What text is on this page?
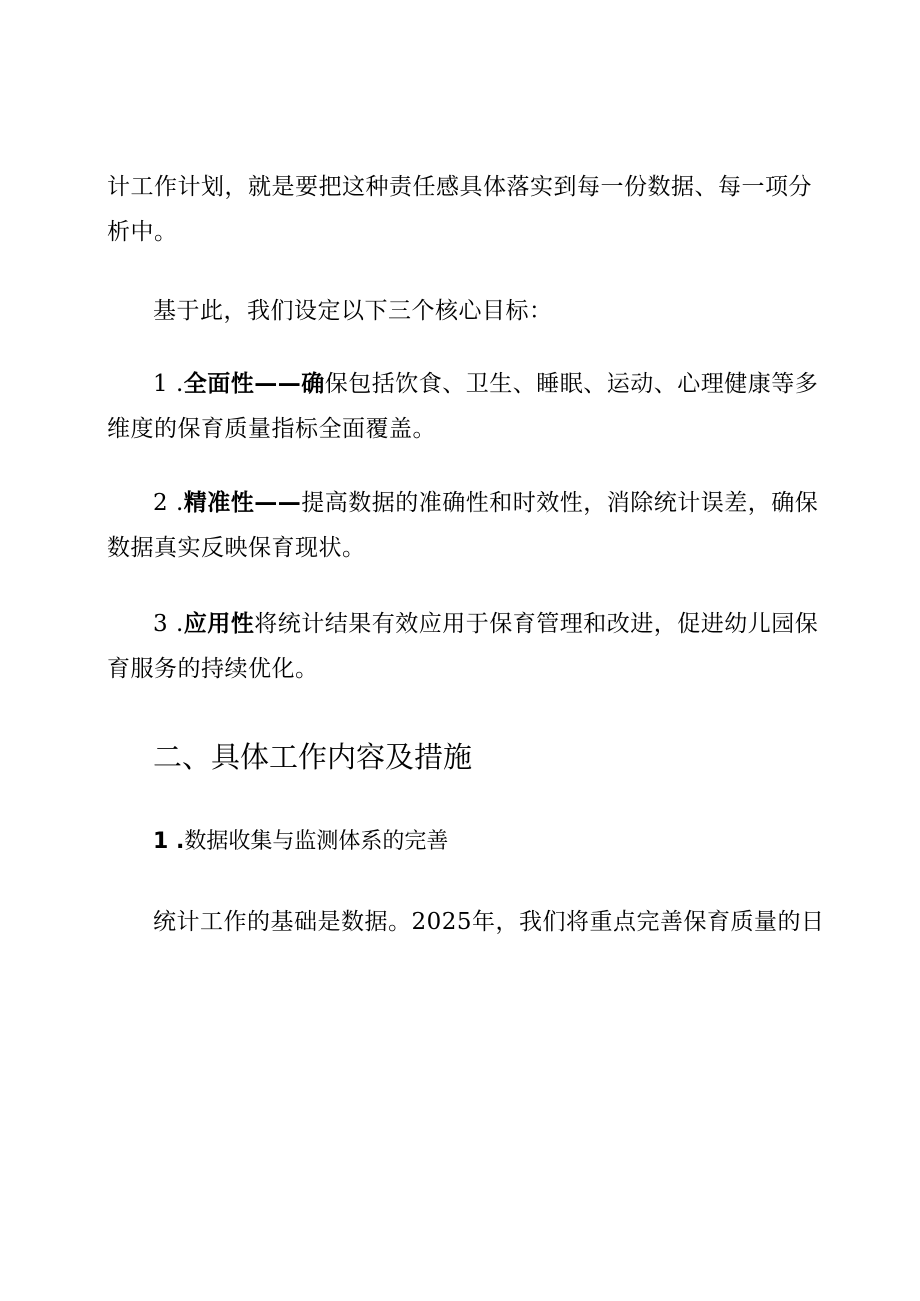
计工作计划，就是要把这种责任感具体落实到每一份数据、每一项分
析中。

基于此，我们设定以下三个核心目标：

1 .全面性——确保包括饮食、卫生、睡眠、运动、心理健康等多
维度的保育质量指标全面覆盖。

2 .精准性——提高数据的准确性和时效性，消除统计误差，确保
数据真实反映保育现状。

3 .应用性将统计结果有效应用于保育管理和改进，促进幼儿园保
育服务的持续优化。

二、具体工作内容及措施
1 .数据收集与监测体系的完善

统计工作的基础是数据。2025年，我们将重点完善保育质量的日
